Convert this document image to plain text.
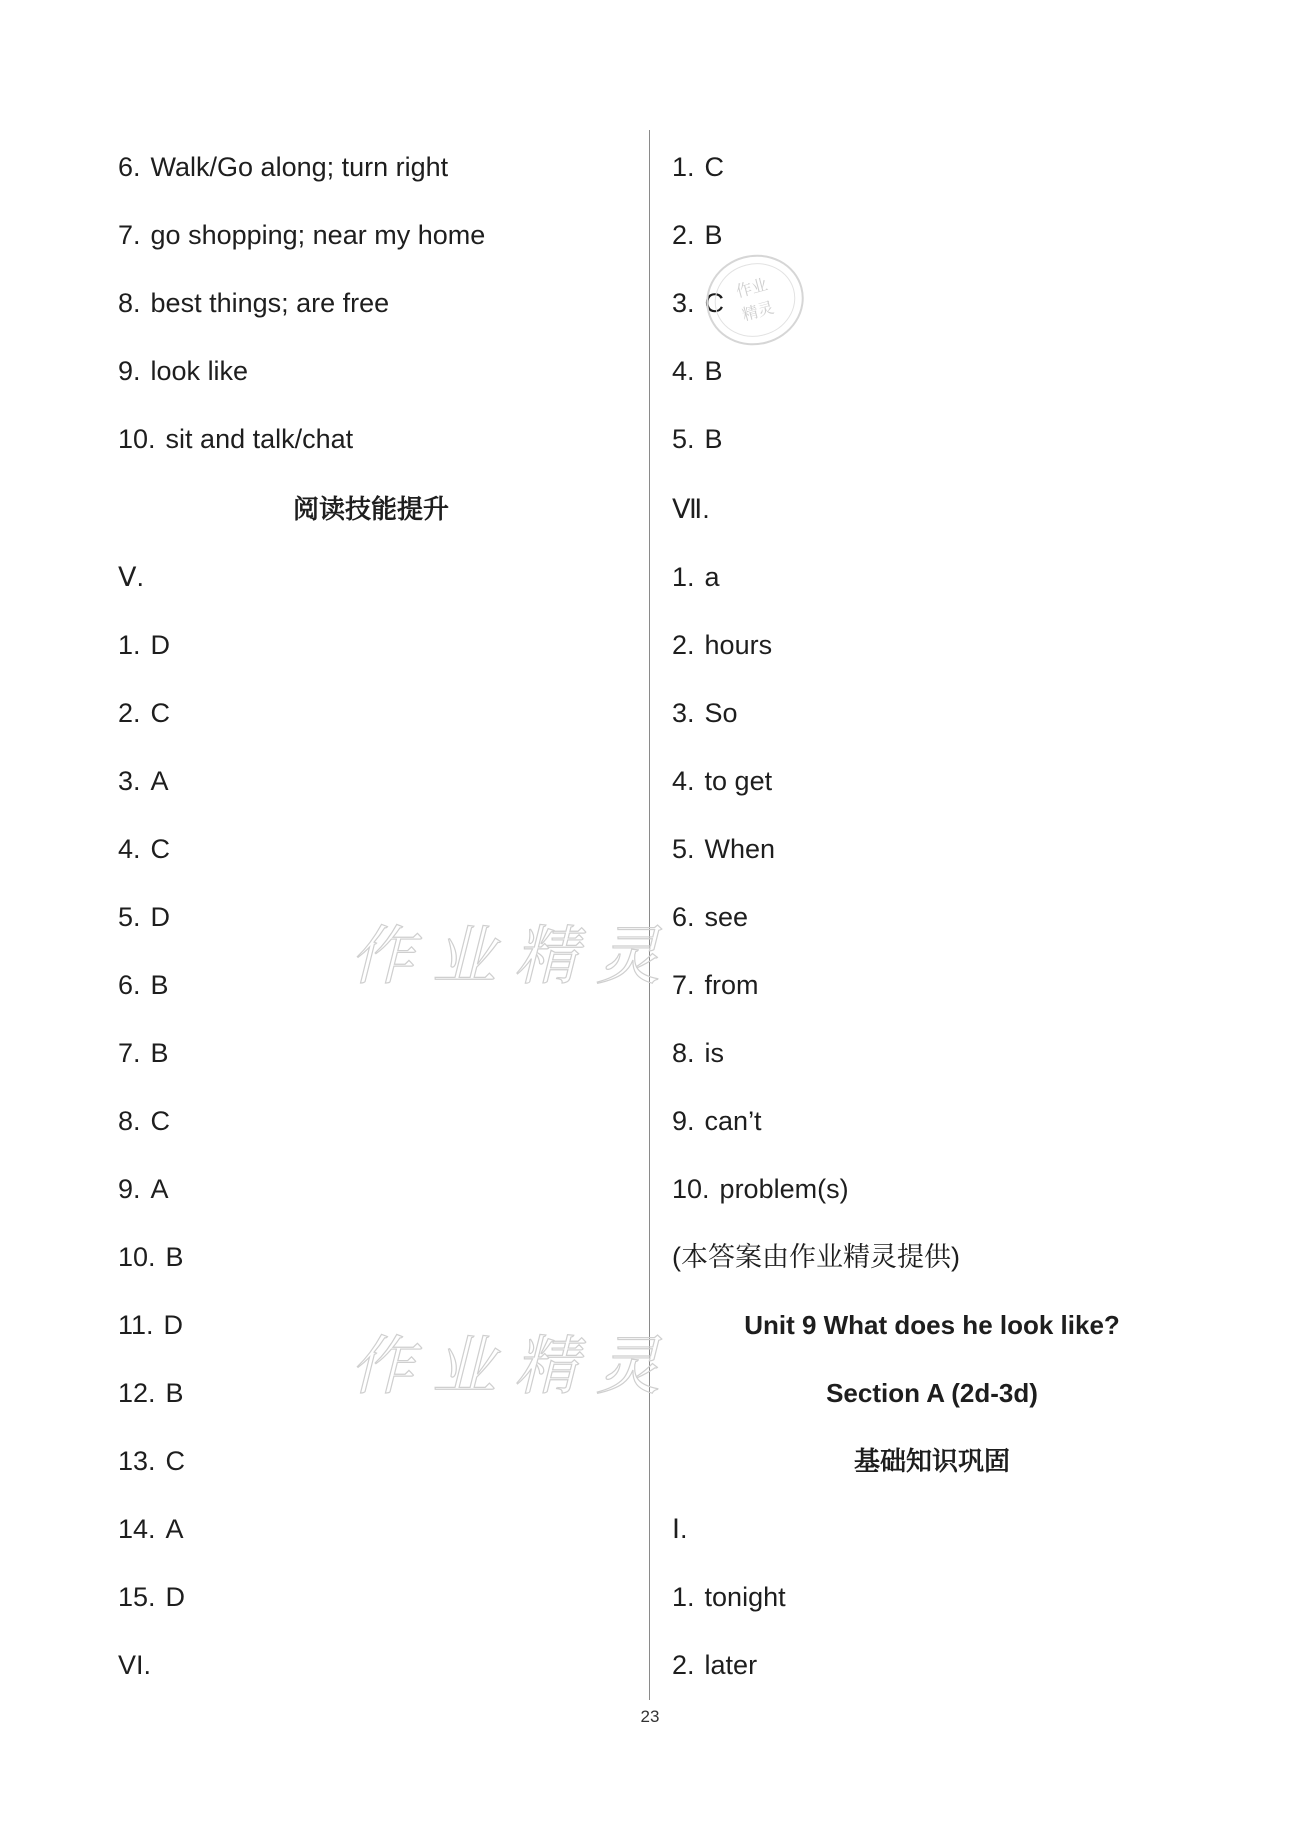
6. Walk/Go along; turn right
7. go shopping; near my home
8. best things; are free
9. look like
10. sit and talk/chat
阅读技能提升
Ⅴ.
1. D
2. C
3. A
4. C
5. D
6. B
7. B
8. C
9. A
10. B
11. D
12. B
13. C
14. A
15. D
VI.
1. C
2. B
3. C
4. B
5. B
Ⅶ.
1. a
2. hours
3. So
4. to get
5. When
6. see
7. from
8. is
9. can’t
10. problem(s)
(本答案由作业精灵提供)
Unit 9 What does he look like?
Section A (2d-3d)
基础知识巩固
Ⅰ.
1. tonight
2. later
作业精灵
作业精灵
作业
精灵
23
